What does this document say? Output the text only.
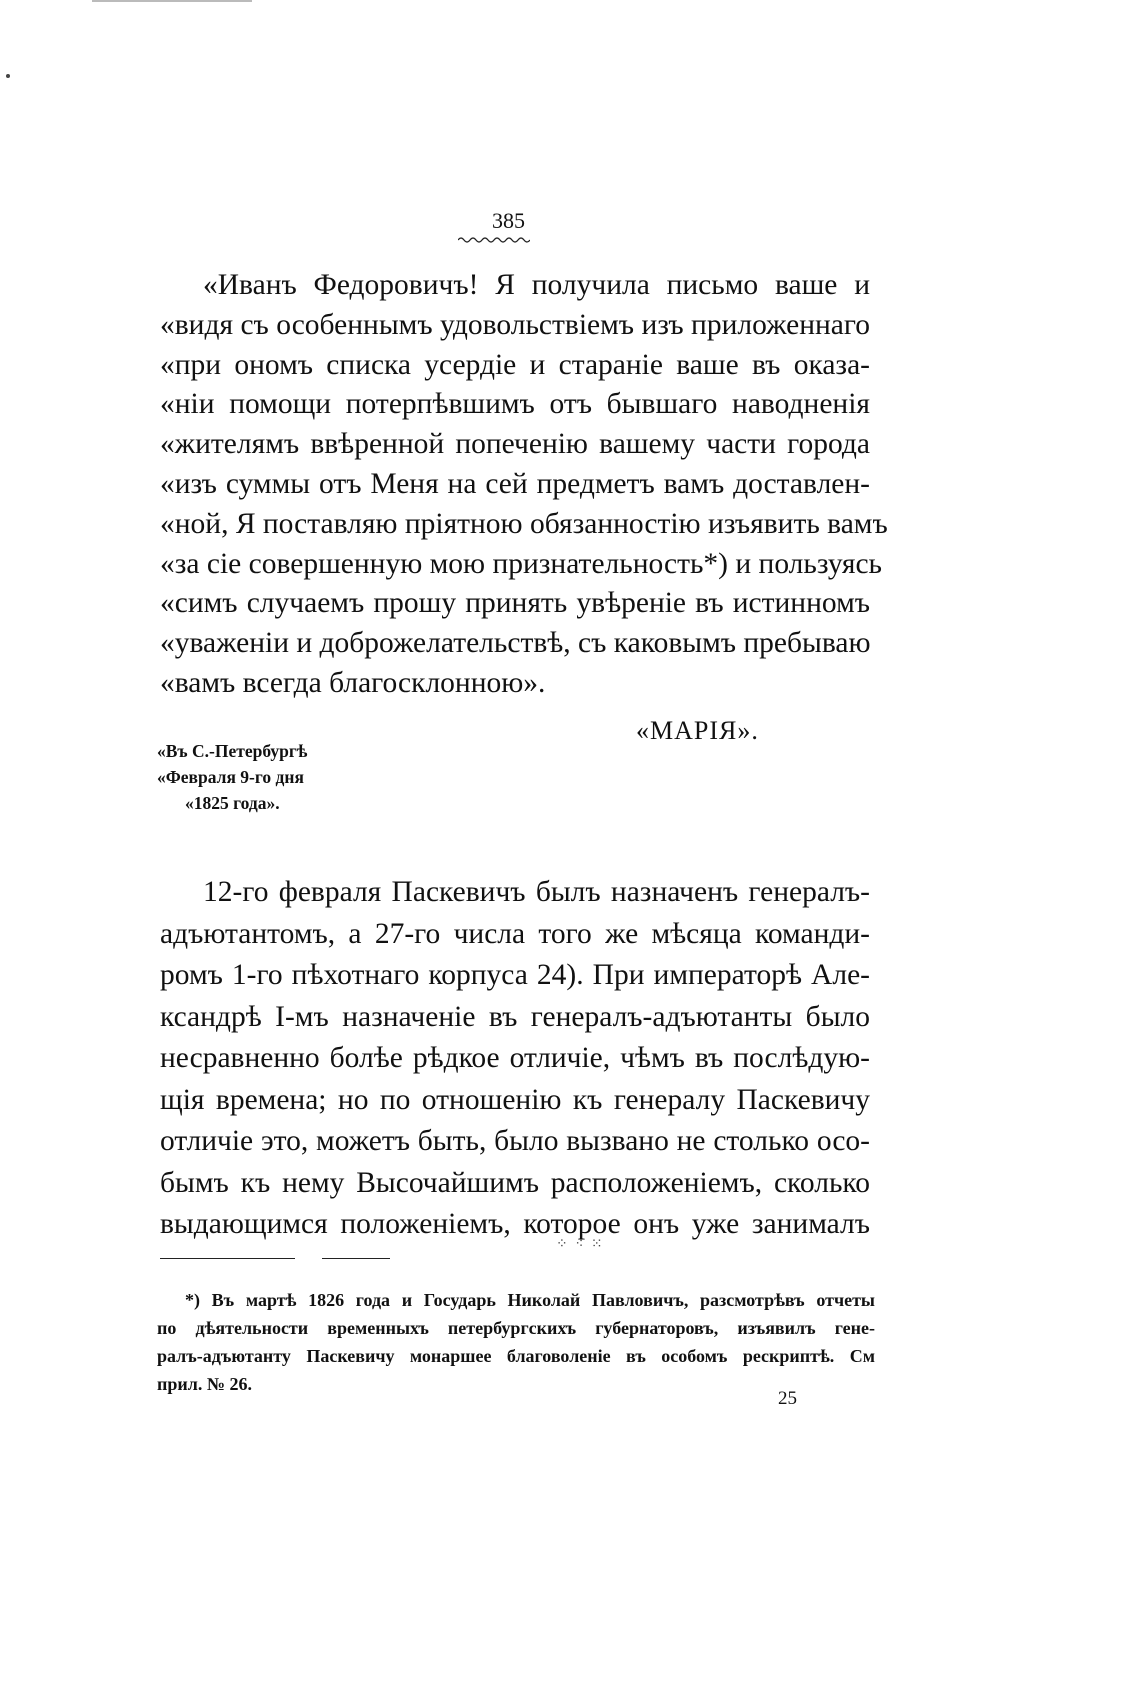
385
«Иванъ Федоровичъ! Я получила письмо ваше и
«видя съ особеннымъ удовольствіемъ изъ приложеннаго
«при ономъ списка усердіе и стараніе ваше въ оказа-
«ніи помощи потерпѣвшимъ отъ бывшаго наводненія
«жителямъ ввѣренной попеченію вашему части города
«изъ суммы отъ Меня на сей предметъ вамъ доставлен-
«ной, Я поставляю пріятною обязанностію изъявить вамъ
«за сіе совершенную мою признательность*) и пользуясь
«симъ случаемъ прошу принять увѣреніе въ истинномъ
«уваженіи и доброжелательствѣ, съ каковымъ пребываю
«вамъ всегда благосклонною».
«МАРІЯ».
«Въ С.-Петербургѣ
«Февраля 9-го дня
«1825 года».
12-го февраля Паскевичъ былъ назначенъ генералъ-
адъютантомъ, а 27-го числа того же мѣсяца команди-
ромъ 1-го пѣхотнаго корпуса 24). При императорѣ Але-
ксандрѣ I-мъ назначеніе въ генералъ-адъютанты было
несравненно болѣе рѣдкое отличіе, чѣмъ въ послѣдую-
щія времена; но по отношенію къ генералу Паскевичу
отличіе это, можетъ быть, было вызвано не столько осо-
бымъ къ нему Высочайшимъ расположеніемъ, сколько
выдающимся положеніемъ, которое онъ уже занималъ
⁘ ⁖ ⁙
*) Въ мартѣ 1826 года и Государь Николай Павловичъ, разсмотрѣвъ отчеты
по дѣятельности временныхъ петербургскихъ губернаторовъ, изъявилъ гене-
ралъ-адъютанту Паскевичу монаршее благоволеніе въ особомъ рескриптѣ. См
прил. № 26.
25
